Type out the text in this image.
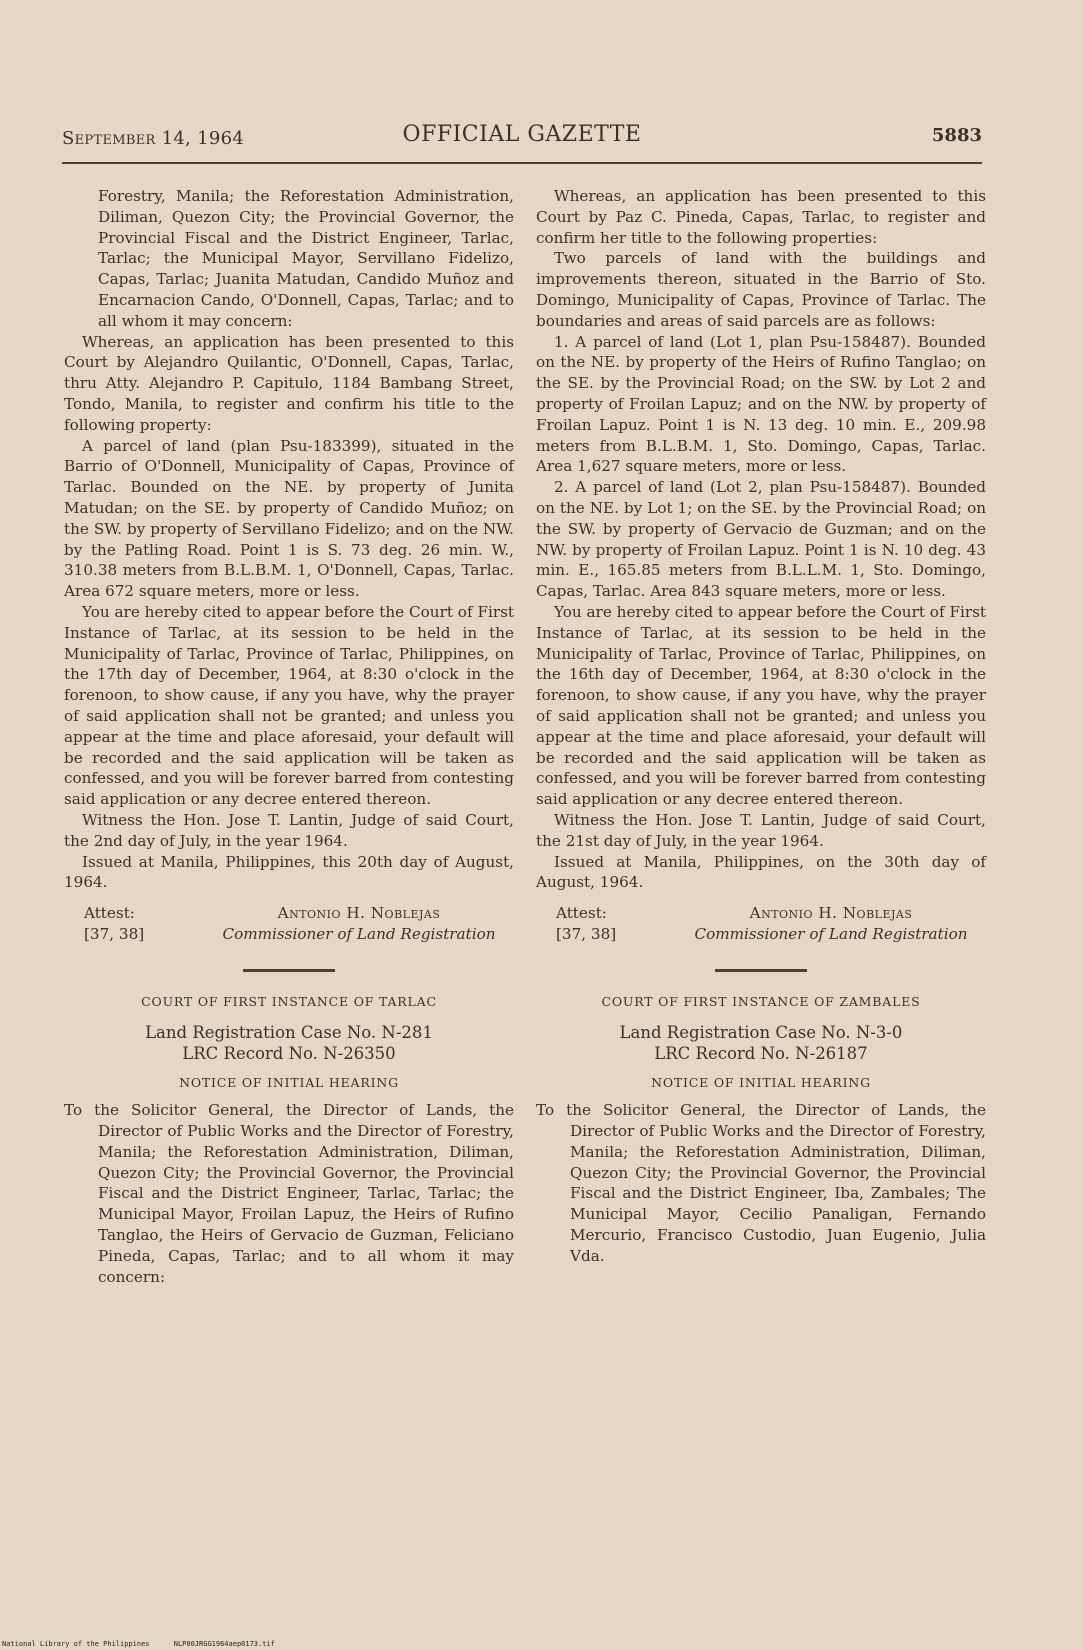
September 14, 1964	OFFICIAL GAZETTE	5883

Forestry, Manila; the Reforestation Administration, Diliman, Quezon City; the Provincial Governor, the Provincial Fiscal and the District Engineer, Tarlac, Tarlac; the Municipal Mayor, Servillano Fidelizo, Capas, Tarlac; Juanita Matudan, Candido Muñoz and Encarnacion Cando, O'Donnell, Capas, Tarlac; and to all whom it may concern:

Whereas, an application has been presented to this Court by Alejandro Quilantic, O'Donnell, Capas, Tarlac, thru Atty. Alejandro P. Capitulo, 1184 Bambang Street, Tondo, Manila, to register and confirm his title to the following property:

A parcel of land (plan Psu-183399), situated in the Barrio of O'Donnell, Municipality of Capas, Province of Tarlac. Bounded on the NE. by property of Junita Matudan; on the SE. by property of Candido Muñoz; on the SW. by property of Servillano Fidelizo; and on the NW. by the Patling Road. Point 1 is S. 73 deg. 26 min. W., 310.38 meters from B.L.B.M. 1, O'Donnell, Capas, Tarlac. Area 672 square meters, more or less.

You are hereby cited to appear before the Court of First Instance of Tarlac, at its session to be held in the Municipality of Tarlac, Province of Tarlac, Philippines, on the 17th day of December, 1964, at 8:30 o'clock in the forenoon, to show cause, if any you have, why the prayer of said application shall not be granted; and unless you appear at the time and place aforesaid, your default will be recorded and the said application will be taken as confessed, and you will be forever barred from contesting said application or any decree entered thereon.

Witness the Hon. Jose T. Lantin, Judge of said Court, the 2nd day of July, in the year 1964.

Issued at Manila, Philippines, this 20th day of August, 1964.

Attest:
[37, 38]
Antonio H. Noblejas
Commissioner of Land Registration
COURT OF FIRST INSTANCE OF TARLAC
Land Registration Case No. N-281
LRC Record No. N-26350
NOTICE OF INITIAL HEARING

To the Solicitor General, the Director of Lands, the Director of Public Works and the Director of Forestry, Manila; the Reforestation Administration, Diliman, Quezon City; the Provincial Governor, the Provincial Fiscal and the District Engineer, Tarlac, Tarlac; the Municipal Mayor, Froilan Lapuz, the Heirs of Rufino Tanglao, the Heirs of Gervacio de Guzman, Feliciano Pineda, Capas, Tarlac; and to all whom it may concern:

Whereas, an application has been presented to this Court by Paz C. Pineda, Capas, Tarlac, to register and confirm her title to the following properties:

Two parcels of land with the buildings and improvements thereon, situated in the Barrio of Sto. Domingo, Municipality of Capas, Province of Tarlac. The boundaries and areas of said parcels are as follows:

1. A parcel of land (Lot 1, plan Psu-158487). Bounded on the NE. by property of the Heirs of Rufino Tanglao; on the SE. by the Provincial Road; on the SW. by Lot 2 and property of Froilan Lapuz; and on the NW. by property of Froilan Lapuz. Point 1 is N. 13 deg. 10 min. E., 209.98 meters from B.L.B.M. 1, Sto. Domingo, Capas, Tarlac. Area 1,627 square meters, more or less.

2. A parcel of land (Lot 2, plan Psu-158487). Bounded on the NE. by Lot 1; on the SE. by the Provincial Road; on the SW. by property of Gervacio de Guzman; and on the NW. by property of Froilan Lapuz. Point 1 is N. 10 deg. 43 min. E., 165.85 meters from B.L.L.M. 1, Sto. Domingo, Capas, Tarlac. Area 843 square meters, more or less.

You are hereby cited to appear before the Court of First Instance of Tarlac, at its session to be held in the Municipality of Tarlac, Province of Tarlac, Philippines, on the 16th day of December, 1964, at 8:30 o'clock in the forenoon, to show cause, if any you have, why the prayer of said application shall not be granted; and unless you appear at the time and place aforesaid, your default will be recorded and the said application will be taken as confessed, and you will be forever barred from contesting said application or any decree entered thereon.

Witness the Hon. Jose T. Lantin, Judge of said Court, the 21st day of July, in the year 1964.

Issued at Manila, Philippines, on the 30th day of August, 1964.

Attest:
[37, 38]
Antonio H. Noblejas
Commissioner of Land Registration
COURT OF FIRST INSTANCE OF ZAMBALES
Land Registration Case No. N-3-0
LRC Record No. N-26187
NOTICE OF INITIAL HEARING

To the Solicitor General, the Director of Lands, the Director of Public Works and the Director of Forestry, Manila; the Reforestation Administration, Diliman, Quezon City; the Provincial Governor, the Provincial Fiscal and the District Engineer, Iba, Zambales; The Municipal Mayor, Cecilio Panaligan, Fernando Mercurio, Francisco Custodio, Juan Eugenio, Julia Vda.

National Library of the Philippines	NLP00JRGG1964aep0173.tif
